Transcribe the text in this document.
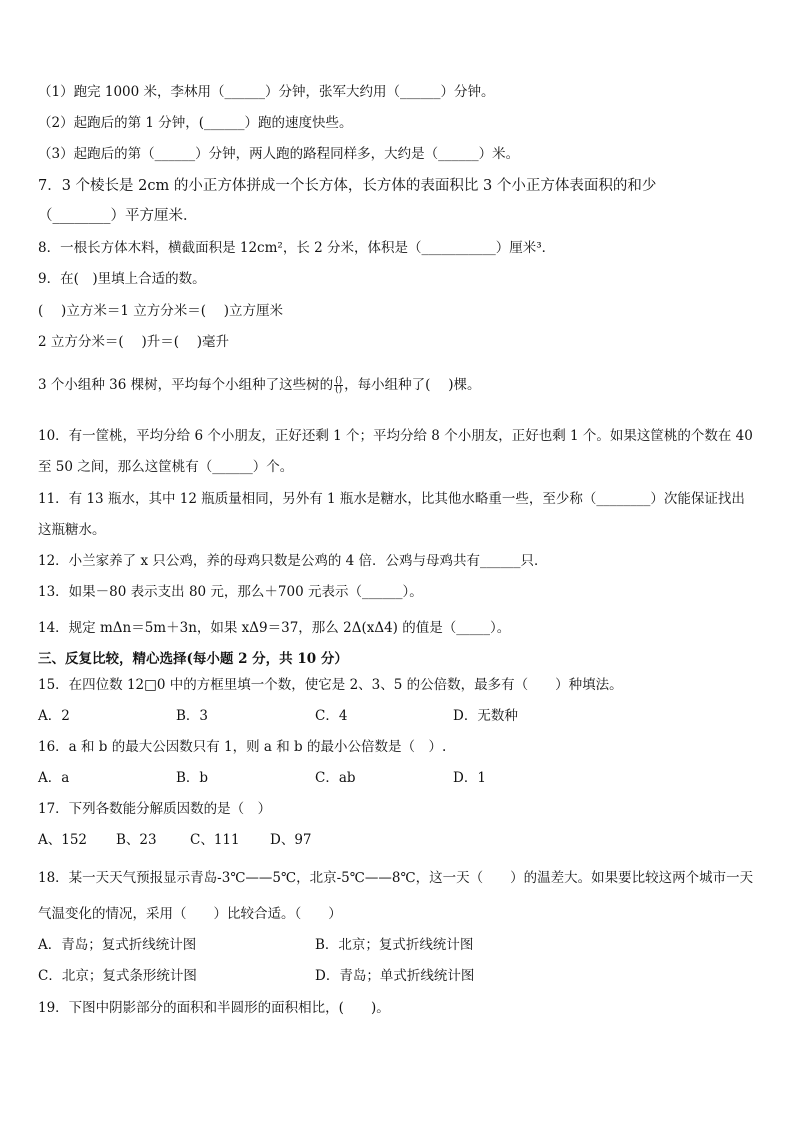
（1）跑完 1000 米，李林用（______）分钟，张军大约用（______）分钟。
（2）起跑后的第 1 分钟，(______）跑的速度快些。
（3）起跑后的第（______）分钟，两人跑的路程同样多，大约是（______）米。
7．3 个棱长是 2cm 的小正方体拼成一个长方体，长方体的表面积比 3 个小正方体表面积的和少
（________）平方厘米．
8．一根长方体木料，横截面积是 12cm²，长 2 分米，体积是（___________）厘米³．
9．在(　)里填上合适的数。
(　 )立方米＝1 立方分米＝(　 )立方厘米
2 立方分米＝(　 )升＝(　 )毫升
3 个小组种 36 棵树，平均每个小组种了这些树的 $\frac{()}{()}$ ，每小组种了(　 )棵。
10．有一筐桃，平均分给 6 个小朋友，正好还剩 1 个；平均分给 8 个小朋友，正好也剩 1 个。如果这筐桃的个数在 40
至 50 之间，那么这筐桃有（______）个。
11．有 13 瓶水，其中 12 瓶质量相同，另外有 1 瓶水是糖水，比其他水略重一些，至少称（________）次能保证找出
这瓶糖水。
12．小兰家养了 x 只公鸡，养的母鸡只数是公鸡的 4 倍．公鸡与母鸡共有______只．
13．如果－80 表示支出 80 元，那么＋700 元表示（______）。
14．规定 mΔn＝5m＋3n，如果 xΔ9＝37，那么 2Δ(xΔ4) 的值是（_____）。
三、反复比较，精心选择(每小题 2 分，共 10 分）
15．在四位数 12□0 中的方框里填一个数，使它是 2、3、5 的公倍数，最多有（　　）种填法。
A．2	B．3	C．4	D．无数种
16．a 和 b 的最大公因数只有 1，则 a 和 b 的最小公倍数是（　）.
A．a	B．b	C．ab	D．1
17．下列各数能分解质因数的是（　）
A、152 B、23 C、111 D、97
18．某一天天气预报显示青岛-3℃——5℃，北京-5℃——8℃，这一天（　　）的温差大。如果要比较这两个城市一天
气温变化的情况，采用（　　）比较合适。（　　）
A．青岛；复式折线统计图	B．北京；复式折线统计图
C．北京；复式条形统计图	D．青岛；单式折线统计图
19．下图中阴影部分的面积和半圆形的面积相比，(　　)。
